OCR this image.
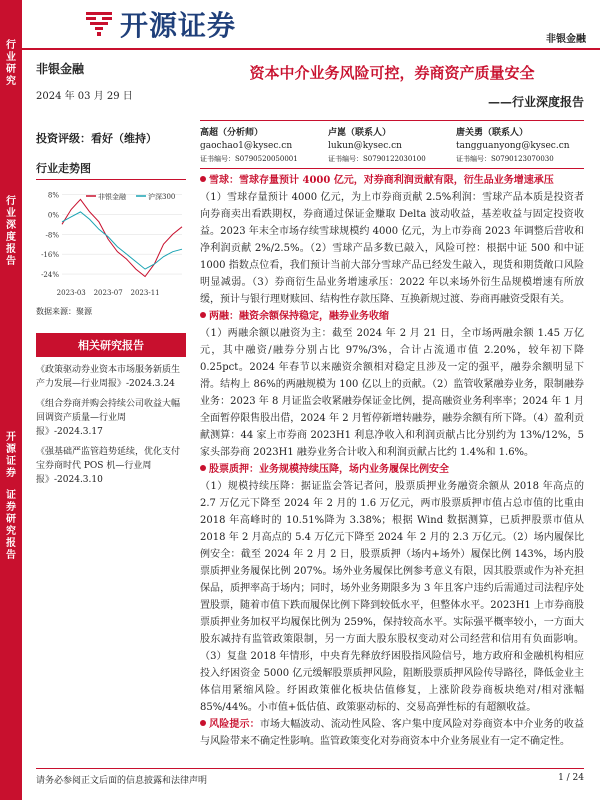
行
业
研
究
行
业
深
度
报
告
开
源
证
券
证
券
研
究
报
告
开源证券	非银金融
非银金融
2024 年 03 月 29 日
投资评级：看好（维持）
行业走势图
8%
0%
-8%
-16%
-24%
2023-03 2023-07 2023-11
非银金融	沪深300
数据来源：聚源
相关研究报告
《政策驱动券业资本市场服务新质生产力发展—行业周报》-2024.3.24
《组合券商并购会持续公司收益大幅回调资产质量—行业周报》-2024.3.17
《强基础严监管趋势延续，优化支付宝券商时代 POS 机—行业周报》-2024.3.10
资本中介业务风险可控，券商资产质量安全
——行业深度报告
高超（分析师）
gaochao1@kysec.cn
证书编号：S0790520050001
卢崑（联系人）
lukun@kysec.cn
证书编号：S0790122030100
唐关勇（联系人）
tangguanyong@kysec.cn
证书编号：S0790123070030
雪球：雪球存量预计 4000 亿元，对券商利润贡献有限，衍生品业务增速承压
（1）雪球存量预计 4000 亿元，为上市券商贡献 2.5%利润：雪球产品本质是投资者向券商卖出看跌期权，券商通过保证金赚取 Delta 波动收益，基差收益与固定投资收益。2023 年末全市场存续雪球规模约 4000 亿元，为上市券商 2023 年调整后营收和净利润贡献 2%/2.5%。（2）雪球产品多数已敲入，风险可控：根据中证 500 和中证 1000 指数点位看，我们预计当前大部分雪球产品已经发生敲入，现货和期货敞口风险明显减弱。（3）券商衍生品业务增速承压：2022 年以来场外衍生品规模增速有所放缓，预计与银行理财赎回、结构性存款压降、互换新规过渡、券商再融资受限有关。
两融：融资余额保持稳定，融券业务收缩
（1）两融余额以融资为主：截至 2024 年 2 月 21 日，全市场两融余额 1.45 万亿元，其中融资/融券分别占比 97%/3%，合计占流通市值 2.20%，较年初下降 0.25pct。2024 年春节以来融资余额相对稳定且涉及一定的强平，融券余额明显下滑。结构上 86%的两融规模为 100 亿以上的贡献。（2）监管收紧融券业务，限制融券业务：2023 年 8 月证监会收紧融券保证金比例，提高融资业务利率率；2024 年 1 月全面暂停限售股出借，2024 年 2 月暂停新增转融券，融券余额有所下降。（4）盈利贡献测算：44 家上市券商 2023H1 利息净收入和利润贡献占比分别约为 13%/12%，5 家头部券商 2023H1 融券业务合计收入和利润贡献占比约 1.4%和 1.6%。
股票质押：业务规模持续压降，场内业务履保比例安全
（1）规模持续压降：据证监会答记者问，股票质押业务融资余额从 2018 年高点的 2.7 万亿元下降至 2024 年 2 月的 1.6 万亿元，两市股票质押市值占总市值的比重由 2018 年高峰时的 10.51%降为 3.38%；根据 Wind 数据测算，已质押股票市值从 2018 年 2 月高点的 5.4 万亿元下降至 2024 年 2 月的 2.3 万亿元。（2）场内履保比例安全：截至 2024 年 2 月 2 日，股票质押（场内+场外）履保比例 143%，场内股票质押业务履保比例 207%。场外业务履保比例参考意义有限，因其股票或作为补充担保品，质押率高于场内；同时，场外业务期限多为 3 年且客户违约后需通过司法程序处置股票，随着市值下跌而履保比例下降到较低水平，但整体水平。2023H1 上市券商股票质押业务加权平均履保比例为 259%，保持较高水平。实际强平概率较小，一方面大股东减持有监管政策限制，另一方面大股东股权变动对公司经营和信用有负面影响。（3）复盘 2018 年情形，中央育先释放纾困股指风险信号，地方政府和金融机构相应投入纾困资金 5000 亿元缓解股票质押风险，阻断股票质押风险传导路径，降低金业主体信用紧缩风险。纾困政策催化板块估值修复，上涨阶段券商板块绝对/相对涨幅 85%/44%。小市值+低估值、政策驱动标的、交易高弹性标的有超额收益。
风险提示：市场大幅波动、流动性风险、客户集中度风险对券商资本中介业务的收益与风险带来不确定性影响。监管政策变化对券商资本中介业务展业有一定不确定性。
请务必参阅正文后面的信息披露和法律声明	1 / 24
